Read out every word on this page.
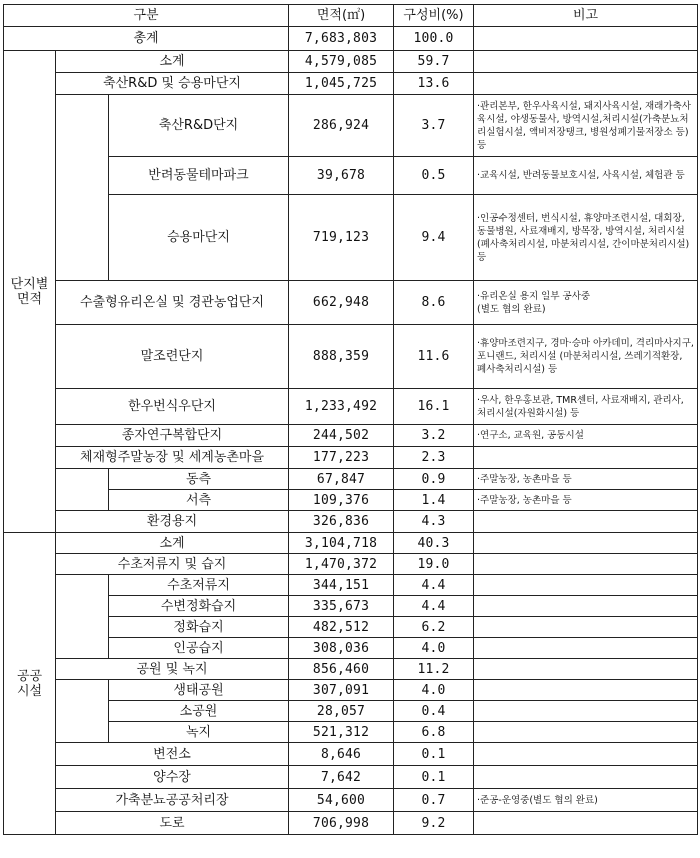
구분			면적(㎡)	구성비(%)	비고
총계			7,683,803	100.0	
단지별
면적	소계		4,579,085	59.7	
	축산R&D 및 승용마단지		1,045,725	13.6	
		축산R&D단지	286,924	3.7	·관리본부, 한우사육시설, 돼지사육시설, 재래가축사육시설, 야생동물사, 방역시설,처리시설(가축분뇨처리실험시설, 액비저장탱크, 병원성폐기물저장소 등) 등
		반려동물테마파크	39,678	0.5	·교육시설, 반려동물보호시설, 사육시설, 체험관 등
		승용마단지	719,123	9.4	·인공수정센터, 번식시설, 휴양마조련시설, 대회장, 동물병원, 사료재배지, 방목장, 방역시설, 처리시설(폐사축처리시설, 마분처리시설, 간이마분처리시설) 등
	수출형유리온실 및 경관농업단지		662,948	8.6	·유리온실 용지 일부 공사중
(별도 협의 완료)
	말조련단지		888,359	11.6	·휴양마조련지구, 경마·승마 아카데미, 격리마사지구, 포니랜드, 처리시설 (마분처리시설, 쓰레기적환장, 폐사축처리시설) 등
	한우번식우단지		1,233,492	16.1	·우사, 한우홍보관, TMR센터, 사료재배지, 관리사, 처리시설(자원화시설) 등
	종자연구복합단지		244,502	3.2	·연구소, 교육원, 공동시설
	체재형주말농장 및 세계농촌마을		177,223	2.3	
		동측	67,847	0.9	·주말농장, 농촌마을 등
		서측	109,376	1.4	·주말농장, 농촌마을 등
	환경용지		326,836	4.3	
공공
시설	소계		3,104,718	40.3	
	수초저류지 및 습지		1,470,372	19.0	
		수초저류지	344,151	4.4	
		수변정화습지	335,673	4.4	
		정화습지	482,512	6.2	
		인공습지	308,036	4.0	
	공원 및 녹지		856,460	11.2	
		생태공원	307,091	4.0	
		소공원	28,057	0.4	
		녹지	521,312	6.8	
	변전소		8,646	0.1	
	양수장		7,642	0.1	
	가축분뇨공공처리장		54,600	0.7	·준공-운영중(별도 협의 완료)
	도로		706,998	9.2	
